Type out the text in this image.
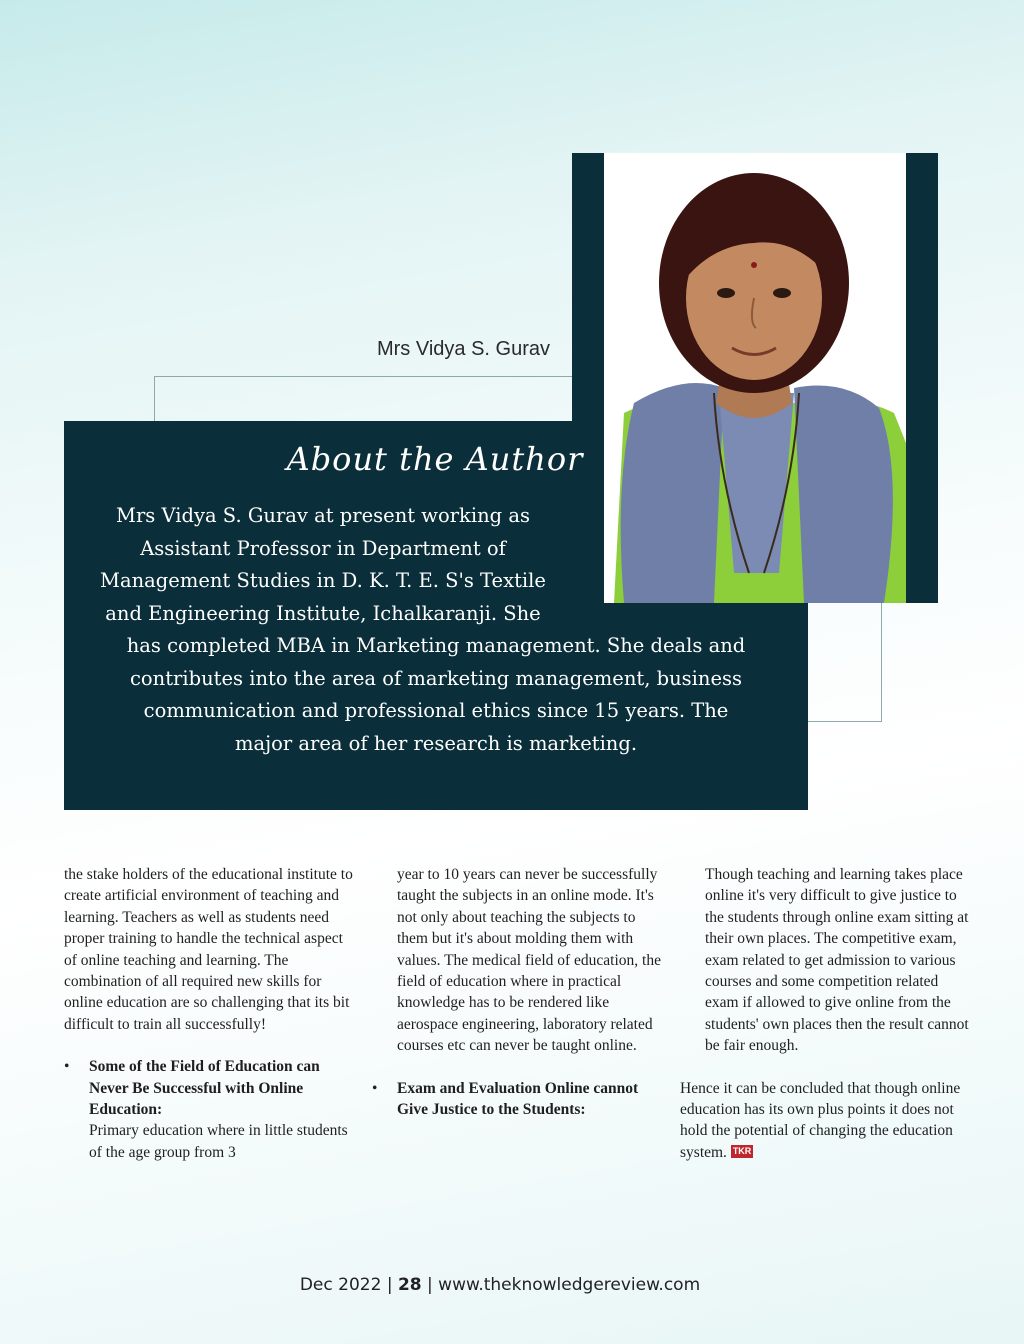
Mrs Vidya S. Gurav
About the Author
Mrs Vidya S. Gurav at present working as
Assistant Professor in Department of
Management Studies in D. K. T. E. S's Textile
and Engineering Institute, Ichalkaranji. She
has completed MBA in Marketing management. She deals and
contributes into the area of marketing management, business
communication and professional ethics since 15 years. The
major area of her research is marketing.

the stake holders of the educational institute to create artificial environment of teaching and learning. Teachers as well as students need proper training to handle the technical aspect of online teaching and learning. The combination of all required new skills for online education are so challenging that its bit difficult to train all successfully!

• Some of the Field of Education can Never Be Successful with Online Education:
Primary education where in little students of the age group from 3

year to 10 years can never be successfully taught the subjects in an online mode. It's not only about teaching the subjects to them but it's about molding them with values. The medical field of education, the field of education where in practical knowledge has to be rendered like aerospace engineering, laboratory related courses etc can never be taught online.

• Exam and Evaluation Online cannot Give Justice to the Students:

Though teaching and learning takes place online it's very difficult to give justice to the students through online exam sitting at their own places. The competitive exam, exam related to get admission to various courses and some competition related exam if allowed to give online from the students' own places then the result cannot be fair enough.

Hence it can be concluded that though online education has its own plus points it does not hold the potential of changing the education system. TKR

Dec 2022 | 28 | www.theknowledgereview.com
